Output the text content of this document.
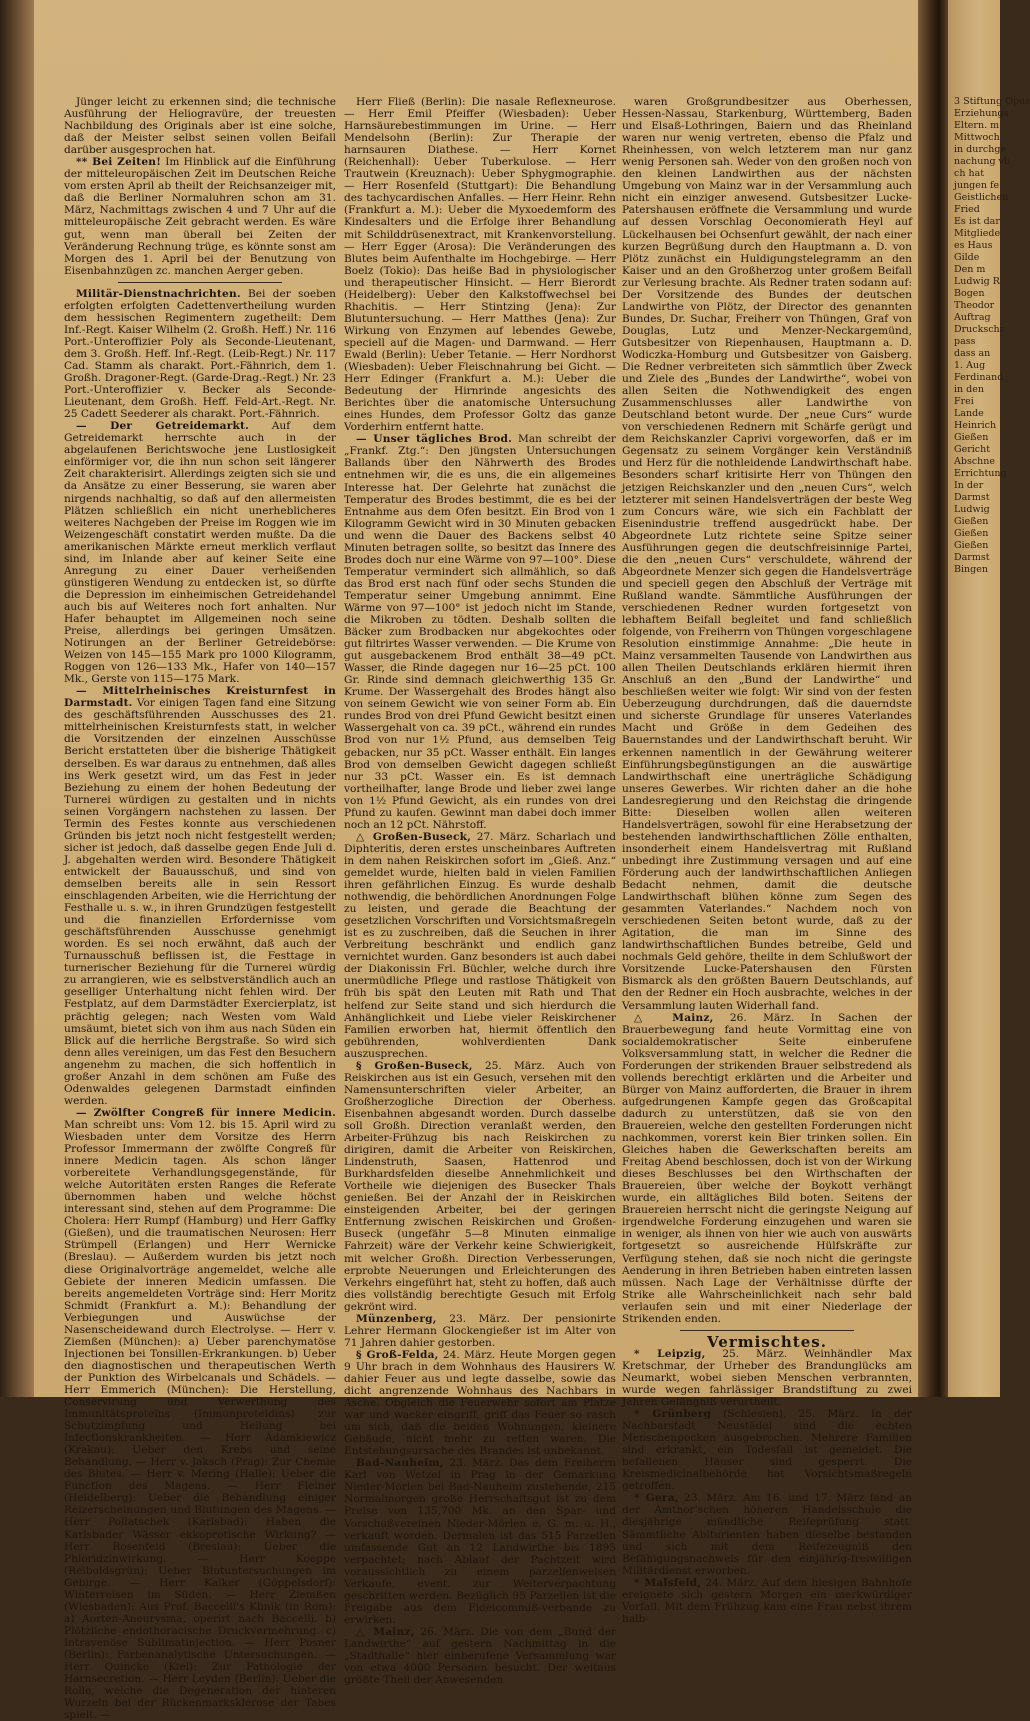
Jünger leicht zu erkennen sind; die technische Ausführung der Heliogravüre, der treuesten Nachbildung des Originals aber ist eine solche, daß der Meister selbst seinen vollen Beifall darüber ausgesprochen hat.

** Bei Zeiten! Im Hinblick auf die Einführung der mitteleuropäischen Zeit im Deutschen Reiche vom ersten April ab theilt der Reichsanzeiger mit, daß die Berliner Normaluhren schon am 31. März, Nachmittags zwischen 4 und 7 Uhr auf die mitteleuropäische Zeit gebracht werden. Es wäre gut, wenn man überall bei Zeiten der Veränderung Rechnung trüge, es könnte sonst am Morgen des 1. April bei der Benutzung von Eisenbahnzügen zc. manchen Aerger geben.

Militär-Dienstnachrichten. Bei der soeben erfolgten erfolgten Cadettenvertheilung wurden dem hessischen Regimentern zugetheilt: Dem Inf.-Regt. Kaiser Wilhelm (2. Großh. Heff.) Nr. 116 Port.-Unteroffizier Poly als Seconde-Lieutenant, dem 3. Großh. Heff. Inf.-Regt. (Leib-Regt.) Nr. 117 Cad. Stamm als charakt. Port.-Fähnrich, dem 1. Großh. Dragoner-Regt. (Garde-Drag.-Regt.) Nr. 23 Port.-Unteroffizier v. Becker als Seconde-Lieutenant, dem Großh. Heff. Feld-Art.-Regt. Nr. 25 Cadett Seederer als charakt. Port.-Fähnrich.

— Der Getreidemarkt. Auf dem Getreidemarkt herrschte auch in der abgelaufenen Berichtswoche jene Lustlosigkeit einförmiger vor, die ihn nun schon seit längerer Zeit charakterisirt. Allerdings zeigten sich sie und da Ansätze zu einer Besserung, sie waren aber nirgends nachhaltig, so daß auf den allermeisten Plätzen schließlich ein nicht unerheblicheres weiteres Nachgeben der Preise im Roggen wie im Weizengeschäft constatirt werden mußte. Da die amerikanischen Märkte erneut merklich verflaut sind, im Inlande aber auf keiner Seite eine Anregung zu einer Dauer verheißenden günstigeren Wendung zu entdecken ist, so dürfte die Depression im einheimischen Getreidehandel auch bis auf Weiteres noch fort anhalten. Nur Hafer behauptet im Allgemeinen noch seine Preise, allerdings bei geringen Umsätzen. Notirungen an der Berliner Getreidebörse: Weizen von 145—155 Mark pro 1000 Kilogramm, Roggen von 126—133 Mk., Hafer von 140—157 Mk., Gerste von 115—175 Mark.

— Mittelrheinisches Kreisturnfest in Darmstadt. Vor einigen Tagen fand eine Sitzung des geschäftsführenden Ausschusses des 21. mittelrheinischen Kreisturnfests statt, in welcher die Vorsitzenden der einzelnen Ausschüsse Bericht erstatteten über die bisherige Thätigkeit derselben. Es war daraus zu entnehmen, daß alles ins Werk gesetzt wird, um das Fest in jeder Beziehung zu einem der hohen Bedeutung der Turnerei würdigen zu gestalten und in nichts seinen Vorgängern nachstehen zu lassen. Der Termin des Festes konnte aus verschiedenen Gründen bis jetzt noch nicht festgestellt werden; sicher ist jedoch, daß dasselbe gegen Ende Juli d. J. abgehalten werden wird. Besondere Thätigkeit entwickelt der Bauausschuß, und sind von demselben bereits alle in sein Ressort einschlagenden Arbeiten, wie die Herrichtung der Festhalle u. s. w., in ihren Grundzügen festgestellt und die finanziellen Erfordernisse vom geschäftsführenden Ausschusse genehmigt worden. Es sei noch erwähnt, daß auch der Turnausschuß beflissen ist, die Festtage in turnerischer Beziehung für die Turnerei würdig zu arrangieren, wie es selbstverständlich auch an geselliger Unterhaltung nicht fehlen wird. Der Festplatz, auf dem Darmstädter Exercierplatz, ist prächtig gelegen; nach Westen vom Wald umsäumt, bietet sich von ihm aus nach Süden ein Blick auf die herrliche Bergstraße. So wird sich denn alles vereinigen, um das Fest den Besuchern angenehm zu machen, die sich hoffentlich in großer Anzahl in dem schönen am Fuße des Odenwaldes gelegenen Darmstadt einfinden werden.

— Zwölfter Congreß für innere Medicin. Man schreibt uns: Vom 12. bis 15. April wird zu Wiesbaden unter dem Vorsitze des Herrn Professor Immermann der zwölfte Congreß für innere Medicin tagen. Als schon länger vorbereitete Verhandlungsgegenstände, für welche Autoritäten ersten Ranges die Referate übernommen haben und welche höchst interessant sind, stehen auf dem Programme: Die Cholera: Herr Rumpf (Hamburg) und Herr Gaffky (Gießen), und die traumatischen Neurosen: Herr Strümpell (Erlangen) und Herr Wernicke (Breslau). — Außerdem wurden bis jetzt noch diese Originalvorträge angemeldet, welche alle Gebiete der inneren Medicin umfassen. Die bereits angemeldeten Vorträge sind: Herr Moritz Schmidt (Frankfurt a. M.): Behandlung der Verbiegungen und Auswüchse der Nasenscheidewand durch Electrolyse. — Herr v. Ziemßen (München): a) Ueber parenchymatöse Injectionen bei Tonsillen-Erkrankungen. b) Ueber den diagnostischen und therapeutischen Werth der Punktion des Wirbelcanals und Schädels. — Herr Emmerich (München): Die Herstellung, Conservirung und Verwerthung des Immunitätsproteïns (Immunproteïdins) zur Schutzimpfung und Heilung bei Infectionskrankheiten. — Herr Adamkiewicz (Krakau): Ueber den Krebs und seine Behandlung. — Herr v. Jaksch (Prag): Zur Chemie des Blutes. — Herr v. Mering (Halle): Ueber die Function des Magens. — Herr Fleiner (Heidelberg): Ueber die Behandlung einiger Reizerscheinungen und Blutungen des Magens. — Herr Pollatschek (Karlsbad): Haben die Karlsbader Wässer ekkoprotische Wirkung? — Herr Rosenfeld (Breslau): Ueber die Phloridzinwirkung. — Herr Koeppe (Reiboldsgrün): Ueber Blutuntersuchungen im Gebirge. — Herr Kalker (Göppelsdorf): Winterreisen im Süden. — Herr Ziemßen (Wiesbaden): Aus Prof. Baccelli's Klinik (in Rom): a) Aorten-Aneurysma, operirt nach Baccelli. b) Plötzliche endothoracische Druckvermehrung. c) Intravenöse Sublimatinjection. — Herr Posner (Berlin): Farbenanalytische Untersuchungen. — Herr Quincke (Kiel): Zur Pathologie der Harnsecretion. — Herr Leyden (Berlin): Ueber die Rolle, welche die Degeneration der hinteren Wurzeln bei der Rückenmarksklerose der Tabes spielt. —

Herr Fließ (Berlin): Die nasale Reflexneurose. — Herr Emil Pfeiffer (Wiesbaden): Ueber Harnsäurebestimmungen im Urine. — Herr Mendelsohn (Berlin): Zur Therapie der harnsauren Diathese. — Herr Kornet (Reichenhall): Ueber Tuberkulose. — Herr Trautwein (Kreuznach): Ueber Sphygmographie. — Herr Rosenfeld (Stuttgart): Die Behandlung des tachycardischen Anfalles. — Herr Heinr. Rehn (Frankfurt a. M.): Ueber die Myxoedemform des Kindesalters und die Erfolge ihrer Behandlung mit Schilddrüsenextract, mit Krankenvorstellung. — Herr Egger (Arosa): Die Veränderungen des Blutes beim Aufenthalte im Hochgebirge. — Herr Boelz (Tokio): Das heiße Bad in physiologischer und therapeutischer Hinsicht. — Herr Bierordt (Heidelberg): Ueber den Kalkstoffwechsel bei Rhachitis. — Herr Stintzing (Jena): Zur Blutuntersuchung. — Herr Matthes (Jena): Zur Wirkung von Enzymen auf lebendes Gewebe, speciell auf die Magen- und Darmwand. — Herr Ewald (Berlin): Ueber Tetanie. — Herr Nordhorst (Wiesbaden): Ueber Fleischnahrung bei Gicht. — Herr Edinger (Frankfurt a. M.): Ueber die Bedeutung der Hirnrinde angesichts des Berichtes über die anatomische Untersuchung eines Hundes, dem Professor Goltz das ganze Vorderhirn entfernt hatte.

— Unser tägliches Brod. Man schreibt der „Frankf. Ztg.“: Den jüngsten Untersuchungen Ballands über den Nährwerth des Brodes entnehmen wir, die es uns, die ein allgemeines Interesse hat. Der Gelehrte hat zunächst die Temperatur des Brodes bestimmt, die es bei der Entnahme aus dem Ofen besitzt. Ein Brod von 1 Kilogramm Gewicht wird in 30 Minuten gebacken und wenn die Dauer des Backens selbst 40 Minuten betragen sollte, so besitzt das Innere des Brodes doch nur eine Wärme von 97—100°. Diese Temperatur vermindert sich allmählich, so daß das Brod erst nach fünf oder sechs Stunden die Temperatur seiner Umgebung annimmt. Eine Wärme von 97—100° ist jedoch nicht im Stande, die Mikroben zu tödten. Deshalb sollten die Bäcker zum Brodbacken nur abgekochtes oder gut filtrirtes Wasser verwenden. — Die Krume von gut ausgebackenem Brod enthält 38—49 pCt. Wasser, die Rinde dagegen nur 16—25 pCt. 100 Gr. Rinde sind demnach gleichwerthig 135 Gr. Krume. Der Wassergehalt des Brodes hängt also von seinem Gewicht wie von seiner Form ab. Ein rundes Brod von drei Pfund Gewicht besitzt einen Wassergehalt von ca. 39 pCt., während ein rundes Brod von nur 1½ Pfund, aus demselben Teig gebacken, nur 35 pCt. Wasser enthält. Ein langes Brod von demselben Gewicht dagegen schließt nur 33 pCt. Wasser ein. Es ist demnach vortheilhafter, lange Brode und lieber zwei lange von 1½ Pfund Gewicht, als ein rundes von drei Pfund zu kaufen. Gewinnt man dabei doch immer noch an 12 pCt. Nährstoff.

△ Großen-Buseck, 27. März. Scharlach und Diphteritis, deren erstes unscheinbares Auftreten in dem nahen Reiskirchen sofort im „Gieß. Anz.“ gemeldet wurde, hielten bald in vielen Familien ihren gefährlichen Einzug. Es wurde deshalb nothwendig, die behördlichen Anordnungen Folge zu leisten, und gerade die Beachtung der gesetzlichen Vorschriften und Vorsichtsmaßregeln ist es zu zuschreiben, daß die Seuchen in ihrer Verbreitung beschränkt und endlich ganz vernichtet wurden. Ganz besonders ist auch dabei der Diakonissin Frl. Büchler, welche durch ihre unermüdliche Pflege und rastlose Thätigkeit von früh bis spät den Leuten mit Rath und That helfend zur Seite stand und sich hierdurch die Anhänglichkeit und Liebe vieler Reiskirchener Familien erworben hat, hiermit öffentlich den gebührenden, wohlverdienten Dank auszusprechen.

§ Großen-Buseck, 25. März. Auch von Reiskirchen aus ist ein Gesuch, versehen mit den Namensunterschriften vieler Arbeiter, an Großherzogliche Direction der Oberhess. Eisenbahnen abgesandt worden. Durch dasselbe soll Großh. Direction veranlaßt werden, den Arbeiter-Frühzug bis nach Reiskirchen zu dirigiren, damit die Arbeiter von Reiskirchen, Lindenstruth, Saasen, Hattenrod und Burkhardsfelden dieselbe Annehmlichkeit und Vortheile wie diejenigen des Busecker Thals genießen. Bei der Anzahl der in Reiskirchen einsteigenden Arbeiter, bei der geringen Entfernung zwischen Reiskirchen und Großen-Buseck (ungefähr 5—8 Minuten einmalige Fahrzeit) wäre der Verkehr keine Schwierigkeit, mit welcher Großh. Direction Verbesserungen, erprobte Neuerungen und Erleichterungen des Verkehrs eingeführt hat, steht zu hoffen, daß auch dies vollständig berechtigte Gesuch mit Erfolg gekrönt wird.

Münzenberg, 23. März. Der pensionirte Lehrer Hermann Glockengießer ist im Alter von 71 Jahren dahier gestorben.

§ Groß-Felda, 24. März. Heute Morgen gegen 9 Uhr brach in dem Wohnhaus des Hausirers W. dahier Feuer aus und legte dasselbe, sowie das dicht angrenzende Wohnhaus des Nachbars in Asche. Obgleich die Feuerwehr sofort am Platze war und wacker eingriff, griff das Feuer so rasch um sich, daß die beiden Wohnungen, kleinere Gebäude, nicht mehr zu retten waren. Die Entstehungsursache des Brandes ist unbekannt.

Bad-Nauheim, 23. März. Das dem Freiherrn Karl von Wetzel in Prag in der Gemarkung Nieder-Mörlen bei Bad-Nauheim zustehende, 215 Normalmorgen große Herrschaftsgut ist zu dem Preise von 135,700 Mk. an den Spar- und Vorschußvereinen Nieder-Mörlen e. G. m. u. H., verkauft worden. Dermalen ist das 515 Parzellen umfassende Gut an 12 Landwirthe bis 1895 verpachtet; nach Ablauf der Pachtzeit wird voraussichtlich zu einem parzellenweisen Verkaufe, event. zur Weiterverpachtung geschritten werden. Bezüglich 95 Parzellen ist die Freigabe aus dem Fideicommiß-verbande zu erwirken.

△ Mainz, 26. März. Die von dem „Bund der Landwirthe“ auf gestern Nachmittag in die „Stadthalle“ hier einberufene Versammlung war von etwa 4000 Personen besucht. Der weitaus größte Theil der Anwesenden

waren Großgrundbesitzer aus Oberhessen, Hessen-Nassau, Starkenburg, Württemberg, Baden und Elsaß-Lothringen, Baiern und das Rheinland waren nur wenig vertreten, ebenso die Pfalz und Rheinhessen, von welch letzterem man nur ganz wenig Personen sah. Weder von den großen noch von den kleinen Landwirthen aus der nächsten Umgebung von Mainz war in der Versammlung auch nicht ein einziger anwesend. Gutsbesitzer Lucke-Patershausen eröffnete die Versammlung und wurde auf dessen Vorschlag Oeconomierath Heyl auf Lückelhausen bei Ochsenfurt gewählt, der nach einer kurzen Begrüßung durch den Hauptmann a. D. von Plötz zunächst ein Huldigungstelegramm an den Kaiser und an den Großherzog unter großem Beifall zur Verlesung brachte. Als Redner traten sodann auf: Der Vorsitzende des Bundes der deutschen Landwirthe von Plötz, der Director des genannten Bundes, Dr. Suchar, Freiherr von Thüngen, Graf von Douglas, Lutz und Menzer-Neckargemünd, Gutsbesitzer von Riepenhausen, Hauptmann a. D. Wodiczka-Homburg und Gutsbesitzer von Gaisberg. Die Redner verbreiteten sich sämmtlich über Zweck und Ziele des „Bundes der Landwirthe“, wobei von allen Seiten die Nothwendigkeit des engen Zusammenschlusses aller Landwirthe von Deutschland betont wurde. Der „neue Curs“ wurde von verschiedenen Rednern mit Schärfe gerügt und dem Reichskanzler Caprivi vorgeworfen, daß er im Gegensatz zu seinem Vorgänger kein Verständniß und Herz für die nothleidende Landwirthschaft habe. Besonders scharf kritisirte Herr von Thüngen den jetzigen Reichskanzler und den „neuen Curs“, welch letzterer mit seinen Handelsverträgen der beste Weg zum Concurs wäre, wie sich ein Fachblatt der Eisenindustrie treffend ausgedrückt habe. Der Abgeordnete Lutz richtete seine Spitze seiner Ausführungen gegen die deutschfreisinnige Partei, die den „neuen Curs“ verschuldete, während der Abgeordnete Menzer sich gegen die Handelsverträge und speciell gegen den Abschluß der Verträge mit Rußland wandte. Sämmtliche Ausführungen der verschiedenen Redner wurden fortgesetzt von lebhaftem Beifall begleitet und fand schließlich folgende, von Freiherrn von Thüngen vorgeschlagene Resolution einstimmige Annahme: „Die heute in Mainz versammelten Tausende von Landwirthen aus allen Theilen Deutschlands erklären hiermit ihren Anschluß an den „Bund der Landwirthe“ und beschließen weiter wie folgt: Wir sind von der festen Ueberzeugung durchdrungen, daß die dauerndste und sicherste Grundlage für unseres Vaterlandes Macht und Größe in dem Gedeihen des Bauernstandes und der Landwirthschaft beruht. Wir erkennen namentlich in der Gewährung weiterer Einführungsbegünstigungen an die auswärtige Landwirthschaft eine unerträgliche Schädigung unseres Gewerbes. Wir richten daher an die hohe Landesregierung und den Reichstag die dringende Bitte: Dieselben wollen allen weiteren Handelsverträgen, sowohl für eine Herabsetzung der bestehenden landwirthschaftlichen Zölle enthalten, insonderheit einem Handelsvertrag mit Rußland unbedingt ihre Zustimmung versagen und auf eine Förderung auch der landwirthschaftlichen Anliegen Bedacht nehmen, damit die deutsche Landwirthschaft blühen könne zum Segen des gesammten Vaterlandes.“ Nachdem noch von verschiedenen Seiten betont wurde, daß zu der Agitation, die man im Sinne des landwirthschaftlichen Bundes betreibe, Geld und nochmals Geld gehöre, theilte in dem Schlußwort der Vorsitzende Lucke-Patershausen den Fürsten Bismarck als den größten Bauern Deutschlands, auf den der Redner ein Hoch ausbrachte, welches in der Versammlung lauten Widerhall fand.

△ Mainz, 26. März. In Sachen der Brauerbewegung fand heute Vormittag eine von socialdemokratischer Seite einberufene Volksversammlung statt, in welcher die Redner die Forderungen der strikenden Brauer selbstredend als vollends berechtigt erklärten und die Arbeiter und Bürger von Mainz aufforderten, die Brauer in ihrem aufgedrungenen Kampfe gegen das Großcapital dadurch zu unterstützen, daß sie von den Brauereien, welche den gestellten Forderungen nicht nachkommen, vorerst kein Bier trinken sollen. Ein Gleiches haben die Gewerkschaften bereits am Freitag Abend beschlossen, doch ist von der Wirkung dieses Beschlusses bei den Wirthschaften der Brauereien, über welche der Boykott verhängt wurde, ein alltägliches Bild boten. Seitens der Brauereien herrscht nicht die geringste Neigung auf irgendwelche Forderung einzugehen und waren sie in weniger, als ihnen von hier wie auch von auswärts fortgesetzt so ausreichende Hülfskräfte zur Verfügung stehen, daß sie noch nicht die geringste Aenderung in ihren Betrieben haben eintreten lassen müssen. Nach Lage der Verhältnisse dürfte der Strike alle Wahrscheinlichkeit nach sehr bald verlaufen sein und mit einer Niederlage der Strikenden enden.

Vermischtes.

* Leipzig, 25. März. Weinhändler Max Kretschmar, der Urheber des Brandunglücks am Neumarkt, wobei sieben Menschen verbrannten, wurde wegen fahrlässiger Brandstiftung zu zwei Jahren Gefängniß verurtheilt.

* Grünberg (Schlesien), 25. März. In der Nachbarstadt Neustädel sind die echten Menschenpocken ausgebrochen. Mehrere Familien sind erkrankt, ein Todesfall ist gemeldet. Die befallenen Häuser sind gesperrt. Die Kreismedicinalbehörde hat Vorsichtsmaßregeln getroffen.

* Gera, 23. März. Am 16. und 17. März fand an der Amthor'schen höheren Handelsschule die diesjährige mündliche Reifeprüfung statt. Sämmtliche Abiturienten haben dieselbe bestanden und sich mit dem Reifezeugniß den Befähigungsnachweis für den einjährig-freiwilligen Militärdienst erworben.

* Malsfeld, 24. März. Auf dem hiesigen Bahnhofe ereignete sich gestern Morgen ein merkwürdiger Vorfall. Mit dem Frühzug kam eine Frau nebst ihrem halb-

3 Stiftung Opus
Erziehungs
Eltern. m
Mittwoch
in durchge
nachung vb
ch hat
jungen fe
Geistlichen
Fried
Es ist dar
Mitgliede
es Haus
Gilde
Den m
Ludwig R
Bogen
Theodor
Auftrag
Druckschr
pass
dass an
1. Aug
Ferdinand
in den
Frei
Lande
Heinrich
Gießen
Gericht
Abschne
Errichtung
In der
Darmst
Ludwig
Gießen
Gießen
Gießen
Darmst
Bingen
